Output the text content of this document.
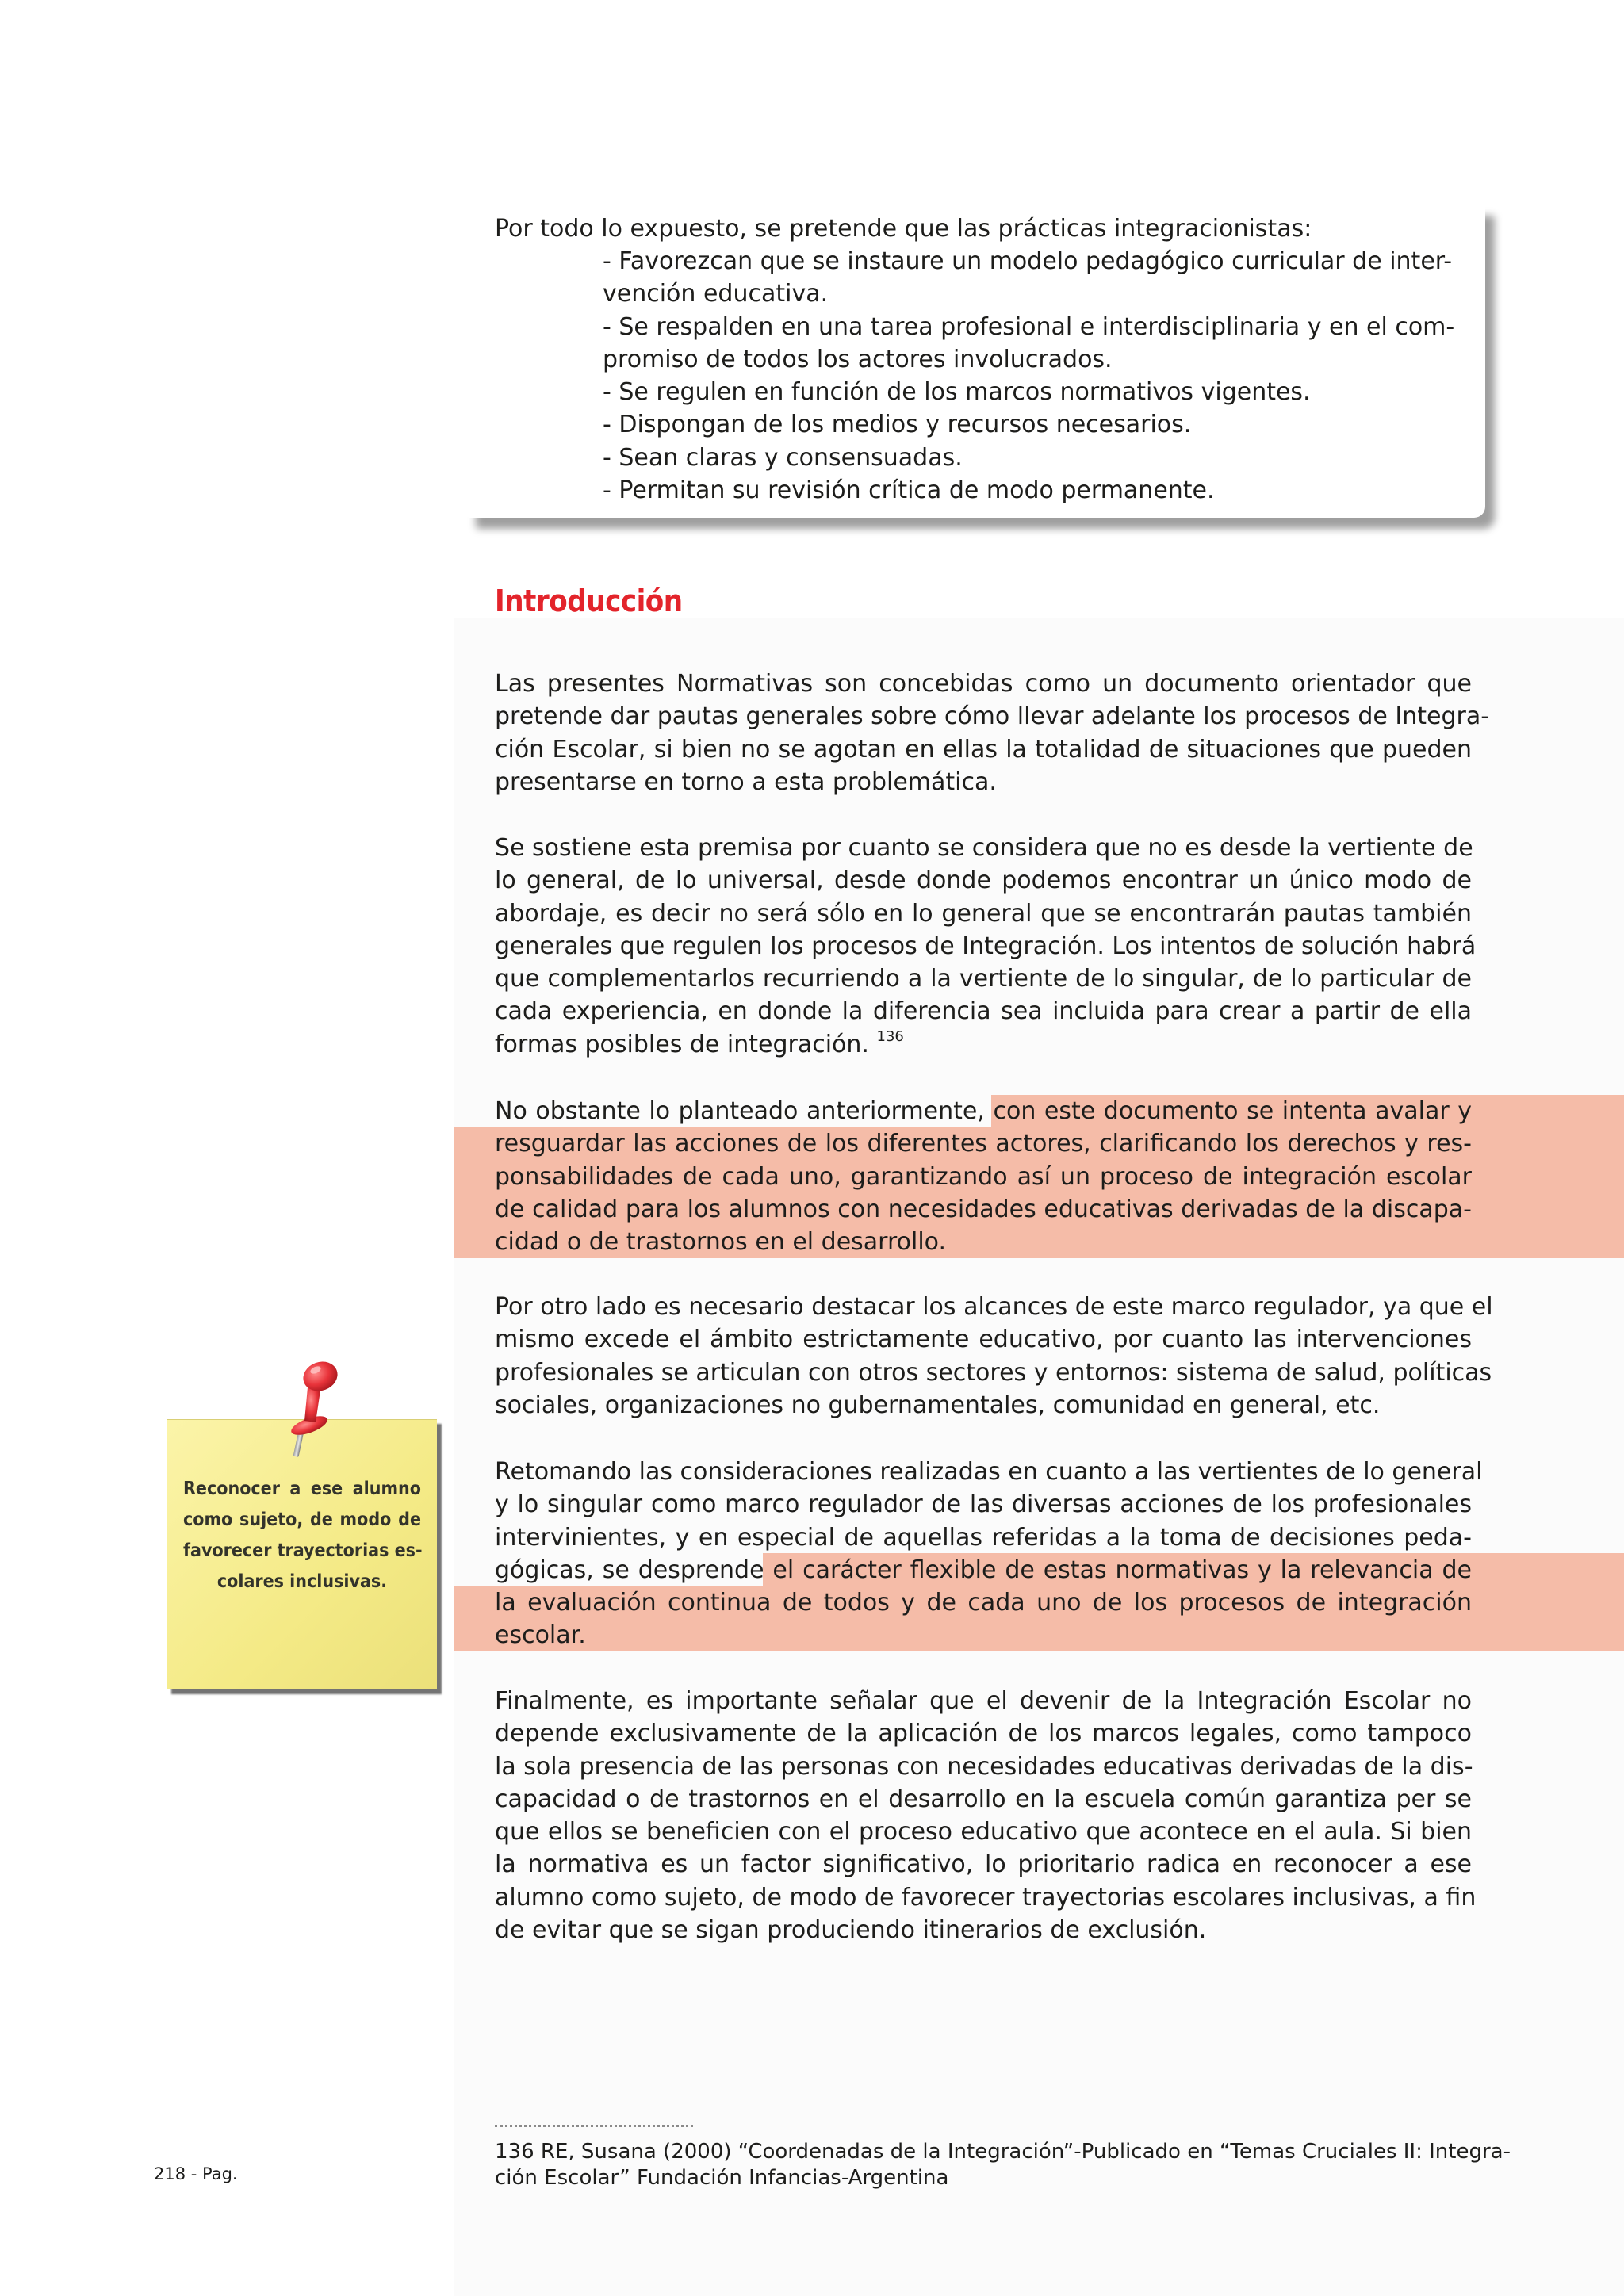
Por todo lo expuesto, se pretende que las prácticas integracionistas:
- Favorezcan que se instaure un modelo pedagógico curricular de inter-
vención educativa.
- Se respalden en una tarea profesional e interdisciplinaria y en el com-
promiso de todos los actores involucrados.
- Se regulen en función de los marcos normativos vigentes.
- Dispongan de los medios y recursos necesarios.
- Sean claras y consensuadas.
- Permitan su revisión crítica de modo permanente.
Introducción
Las presentes Normativas son concebidas como un documento orientador que
pretende dar pautas generales sobre cómo llevar adelante los procesos de Integra-
ción Escolar, si bien no se agotan en ellas la totalidad de situaciones que pueden
presentarse en torno a esta problemática.
Se sostiene esta premisa por cuanto se considera que no es desde la vertiente de
lo general, de lo universal, desde donde podemos encontrar un único modo de
abordaje, es decir no será sólo en lo general que se encontrarán pautas también
generales que regulen los procesos de Integración. Los intentos de solución habrá
que complementarlos recurriendo a la vertiente de lo singular, de lo particular de
cada experiencia, en donde la diferencia sea incluida para crear a partir de ella
formas posibles de integración. $^{136}$
No obstante lo planteado anteriormente, con este documento se intenta avalar y
resguardar las acciones de los diferentes actores, clarificando los derechos y res-
ponsabilidades de cada uno, garantizando así un proceso de integración escolar
de calidad para los alumnos con necesidades educativas derivadas de la discapa-
cidad o de trastornos en el desarrollo.
Por otro lado es necesario destacar los alcances de este marco regulador, ya que el
mismo excede el ámbito estrictamente educativo, por cuanto las intervenciones
profesionales se articulan con otros sectores y entornos: sistema de salud, políticas
sociales, organizaciones no gubernamentales, comunidad en general, etc.
Retomando las consideraciones realizadas en cuanto a las vertientes de lo general
y lo singular como marco regulador de las diversas acciones de los profesionales
intervinientes, y en especial de aquellas referidas a la toma de decisiones peda-
gógicas, se desprende el carácter flexible de estas normativas y la relevancia de
la evaluación continua de todos y de cada uno de los procesos de integración
escolar.
Finalmente, es importante señalar que el devenir de la Integración Escolar no
depende exclusivamente de la aplicación de los marcos legales, como tampoco
la sola presencia de las personas con necesidades educativas derivadas de la dis-
capacidad o de trastornos en el desarrollo en la escuela común garantiza per se
que ellos se beneficien con el proceso educativo que acontece en el aula. Si bien
la normativa es un factor significativo, lo prioritario radica en reconocer a ese
alumno como sujeto, de modo de favorecer trayectorias escolares inclusivas, a fin
de evitar que se sigan produciendo itinerarios de exclusión.
Reconocer a ese alumno
como sujeto, de modo de
favorecer trayectorias es-
colares inclusivas.
136 RE, Susana (2000) “Coordenadas de la Integración”-Publicado en “Temas Cruciales II: Integra-
ción Escolar” Fundación Infancias-Argentina
218 - Pag.
